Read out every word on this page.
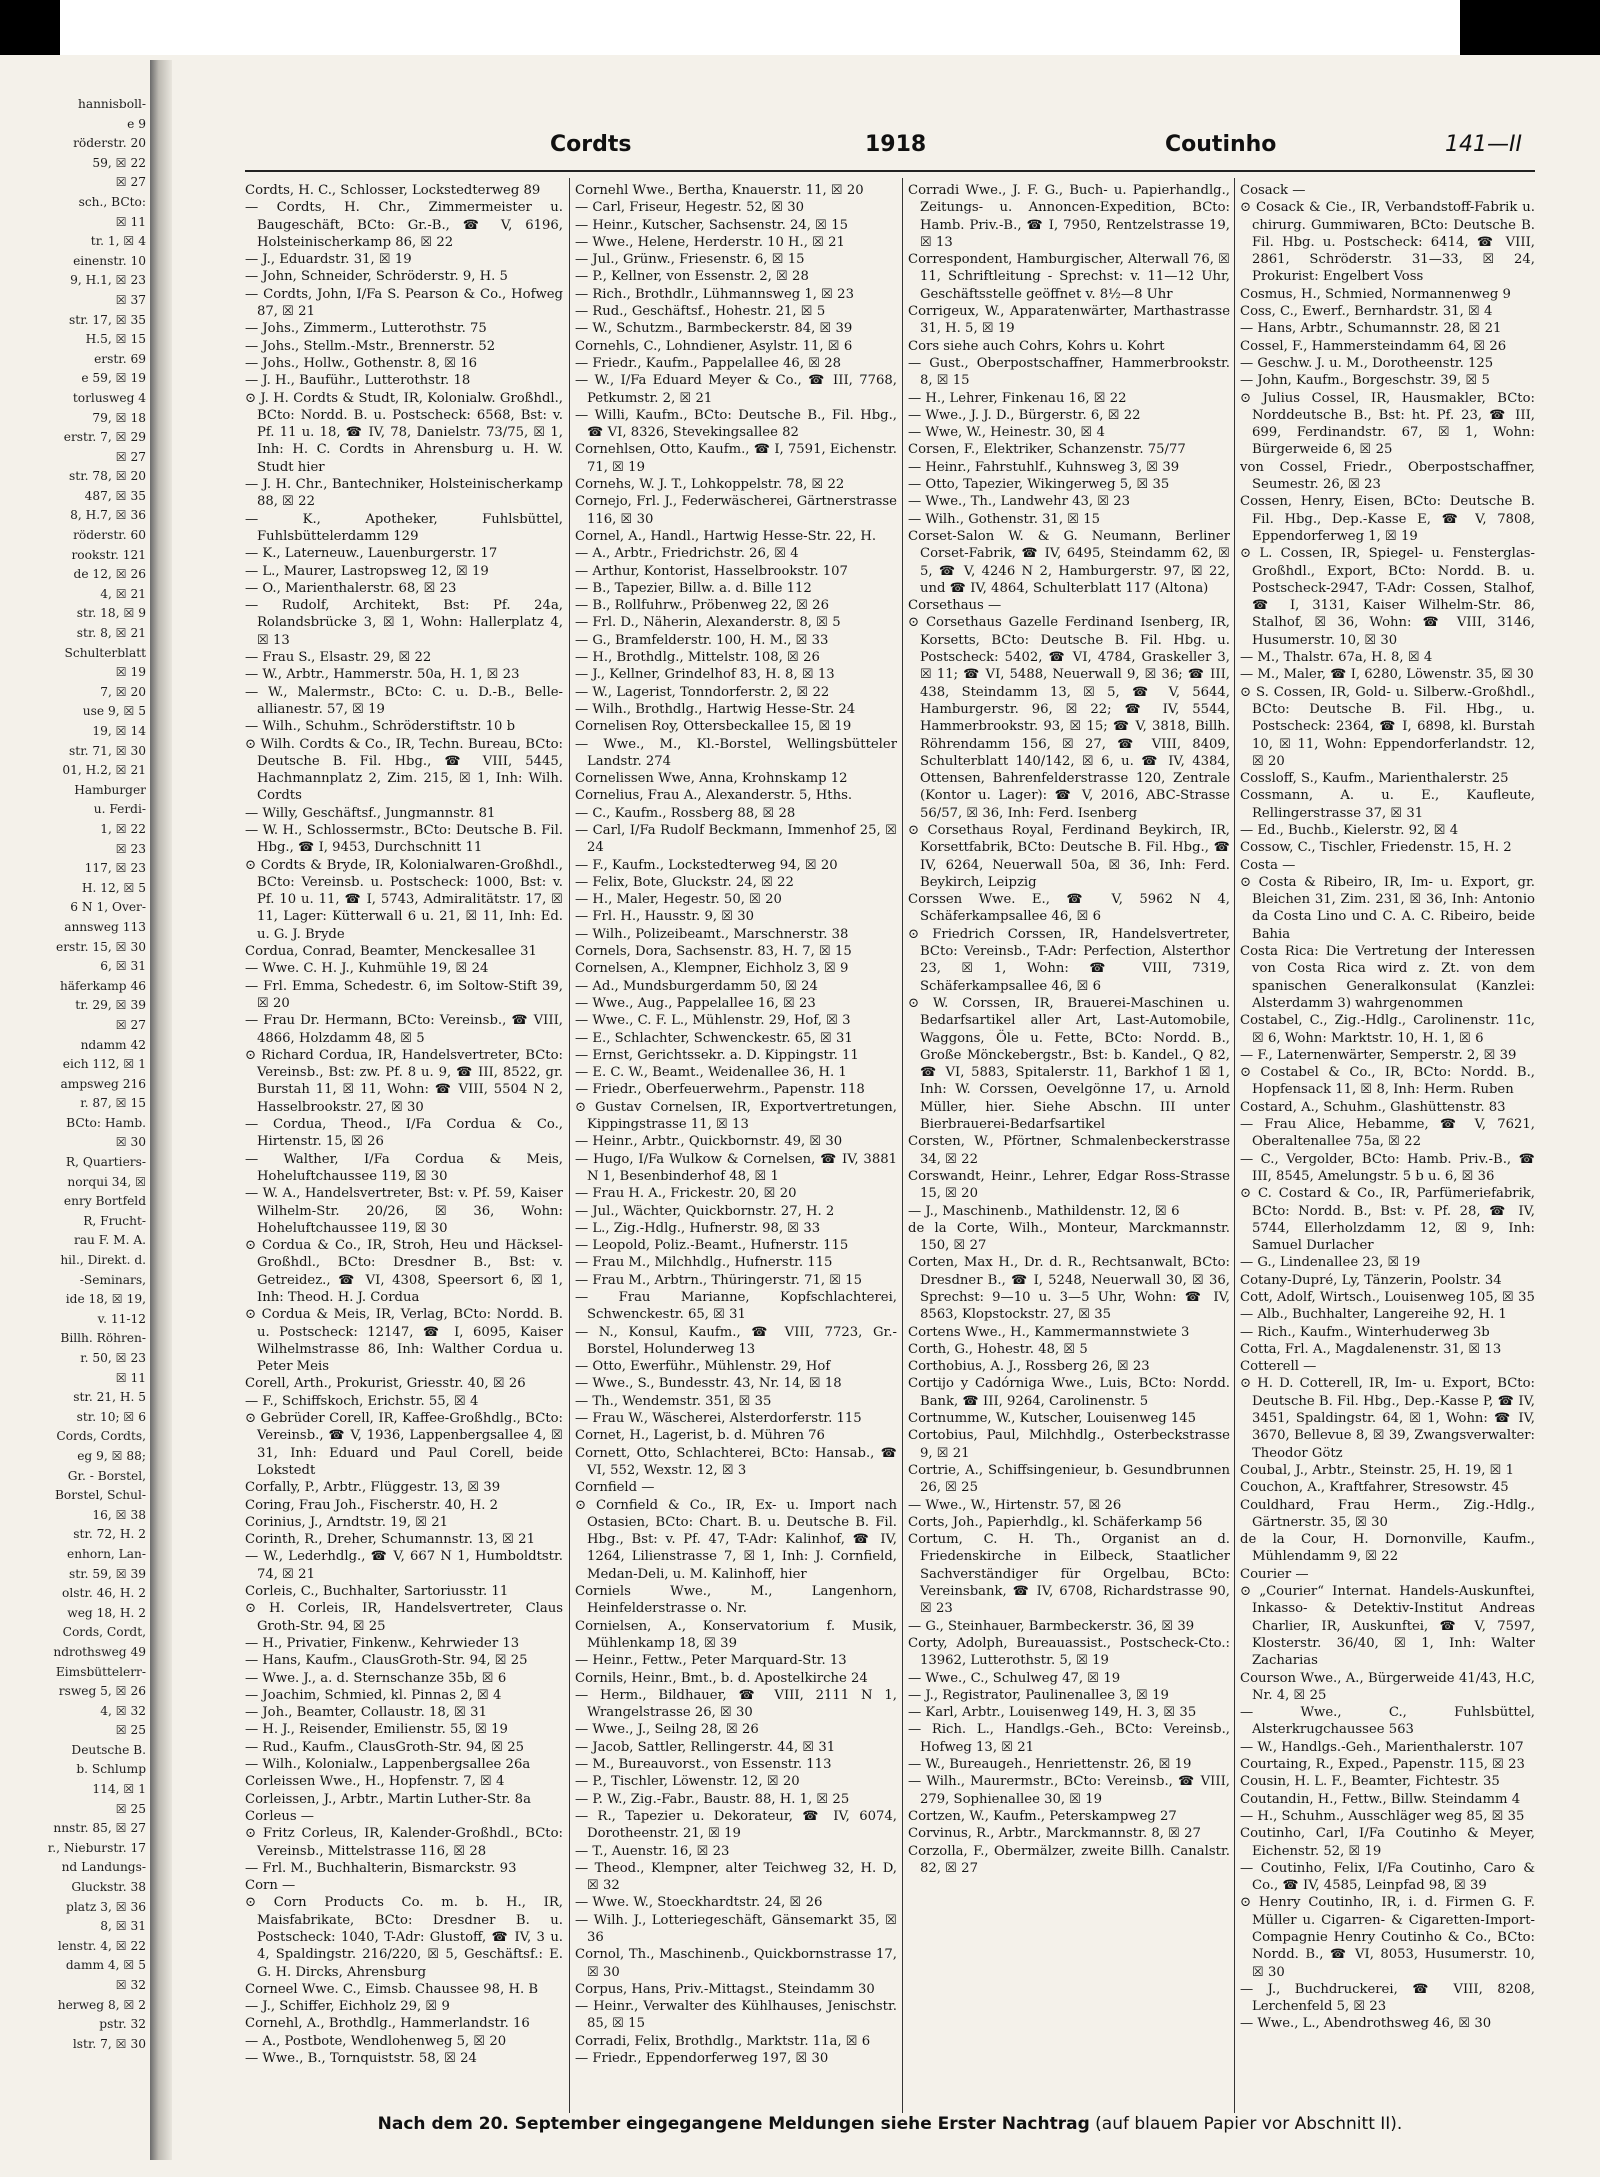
hannisboll-
e 9
röderstr. 20
59, ☒ 22
☒ 27
sch., BCto:
☒ 11
tr. 1, ☒ 4
einenstr. 10
9, H.1, ☒ 23
☒ 37
str. 17, ☒ 35
H.5, ☒ 15
erstr. 69
e 59, ☒ 19
torlusweg 4
79, ☒ 18
erstr. 7, ☒ 29
☒ 27
str. 78, ☒ 20
487, ☒ 35
8, H.7, ☒ 36
röderstr. 60
rookstr. 121
de 12, ☒ 26
4, ☒ 21
str. 18, ☒ 9
str. 8, ☒ 21
Schulterblatt
☒ 19
7, ☒ 20
use 9, ☒ 5
19, ☒ 14
str. 71, ☒ 30
01, H.2, ☒ 21
Hamburger
u. Ferdi-
1, ☒ 22
☒ 23
117, ☒ 23
H. 12, ☒ 5
6 N 1, Over-
annsweg 113
erstr. 15, ☒ 30
6, ☒ 31
häferkamp 46
tr. 29, ☒ 39
☒ 27
ndamm 42
eich 112, ☒ 1
ampsweg 216
r. 87, ☒ 15
BCto: Hamb.
☒ 30
R, Quartiers-
norqui 34, ☒
enry Bortfeld
R, Frucht-
rau F. M. A.
hil., Direkt. d.
-Seminars,
ide 18, ☒ 19,
v. 11-12
Billh. Röhren-
r. 50, ☒ 23
☒ 11
str. 21, H. 5
str. 10; ☒ 6
Cords, Cordts,
eg 9, ☒ 88;
Gr. - Borstel,
Borstel, Schul-
16, ☒ 38
str. 72, H. 2
enhorn, Lan-
str. 59, ☒ 39
olstr. 46, H. 2
weg 18, H. 2
Cords, Cordt,
ndrothsweg 49
Eimsbüttelerr-
rsweg 5, ☒ 26
4, ☒ 32
☒ 25
Deutsche B.
b. Schlump
114, ☒ 1
☒ 25
nnstr. 85, ☒ 27
r., Nieburstr. 17
nd Landungs-
Gluckstr. 38
platz 3, ☒ 36
8, ☒ 31
lenstr. 4, ☒ 22
damm 4, ☒ 5
☒ 32
herweg 8, ☒ 2
pstr. 32
lstr. 7, ☒ 30
Cordts	1918	Coutinho	141—II

Cordts, H. C., Schlosser, Lockstedterweg 89

— Cordts, H. Chr., Zimmermeister u. Baugeschäft, BCto: Gr.-B., ☎ V, 6196, Holsteinischerkamp 86, ☒ 22

— J., Eduardstr. 31, ☒ 19

— John, Schneider, Schröderstr. 9, H. 5

— Cordts, John, I/Fa S. Pearson & Co., Hofweg 87, ☒ 21

— Johs., Zimmerm., Lutterothstr. 75

— Johs., Stellm.-Mstr., Brennerstr. 52

— Johs., Hollw., Gothenstr. 8, ☒ 16

— J. H., Bauführ., Lutterothstr. 18

⊙ J. H. Cordts & Studt, IR, Kolonialw. Großhdl., BCto: Nordd. B. u. Postscheck: 6568, Bst: v. Pf. 11 u. 18, ☎ IV, 78, Danielstr. 73/75, ☒ 1, Inh: H. C. Cordts in Ahrensburg u. H. W. Studt hier

— J. H. Chr., Bantechniker, Holsteinischerkamp 88, ☒ 22

— K., Apotheker, Fuhlsbüttel, Fuhlsbüttelerdamm 129

— K., Laterneuw., Lauenburgerstr. 17

— L., Maurer, Lastropsweg 12, ☒ 19

— O., Marienthalerstr. 68, ☒ 23

— Rudolf, Architekt, Bst: Pf. 24a, Rolandsbrücke 3, ☒ 1, Wohn: Hallerplatz 4, ☒ 13

— Frau S., Elsastr. 29, ☒ 22

— W., Arbtr., Hammerstr. 50a, H. 1, ☒ 23

— W., Malermstr., BCto: C. u. D.-B., Belle-allianestr. 57, ☒ 19

— Wilh., Schuhm., Schröderstiftstr. 10 b

⊙ Wilh. Cordts & Co., IR, Techn. Bureau, BCto: Deutsche B. Fil. Hbg., ☎ VIII, 5445, Hachmannplatz 2, Zim. 215, ☒ 1, Inh: Wilh. Cordts

— Willy, Geschäftsf., Jungmannstr. 81

— W. H., Schlossermstr., BCto: Deutsche B. Fil. Hbg., ☎ I, 9453, Durchschnitt 11

⊙ Cordts & Bryde, IR, Kolonialwaren-Großhdl., BCto: Vereinsb. u. Postscheck: 1000, Bst: v. Pf. 10 u. 11, ☎ I, 5743, Admiralitätstr. 17, ☒ 11, Lager: Kütterwall 6 u. 21, ☒ 11, Inh: Ed. u. G. J. Bryde

Cordua, Conrad, Beamter, Menckesallee 31

— Wwe. C. H. J., Kuhmühle 19, ☒ 24

— Frl. Emma, Schedestr. 6, im Soltow-Stift 39, ☒ 20

— Frau Dr. Hermann, BCto: Vereinsb., ☎ VIII, 4866, Holzdamm 48, ☒ 5

⊙ Richard Cordua, IR, Handelsvertreter, BCto: Vereinsb., Bst: zw. Pf. 8 u. 9, ☎ III, 8522, gr. Burstah 11, ☒ 11, Wohn: ☎ VIII, 5504 N 2, Hasselbrookstr. 27, ☒ 30

— Cordua, Theod., I/Fa Cordua & Co., Hirtenstr. 15, ☒ 26

— Walther, I/Fa Cordua & Meis, Hoheluftchaussee 119, ☒ 30

— W. A., Handelsvertreter, Bst: v. Pf. 59, Kaiser Wilhelm-Str. 20/26, ☒ 36, Wohn: Hoheluftchaussee 119, ☒ 30

⊙ Cordua & Co., IR, Stroh, Heu und Häcksel-Großhdl., BCto: Dresdner B., Bst: v. Getreidez., ☎ VI, 4308, Speersort 6, ☒ 1, Inh: Theod. H. J. Cordua

⊙ Cordua & Meis, IR, Verlag, BCto: Nordd. B. u. Postscheck: 12147, ☎ I, 6095, Kaiser Wilhelmstrasse 86, Inh: Walther Cordua u. Peter Meis

Corell, Arth., Prokurist, Griesstr. 40, ☒ 26

— F., Schiffskoch, Erichstr. 55, ☒ 4

⊙ Gebrüder Corell, IR, Kaffee-Großhdlg., BCto: Vereinsb., ☎ V, 1936, Lappenbergsallee 4, ☒ 31, Inh: Eduard und Paul Corell, beide Lokstedt

Corfally, P., Arbtr., Flüggestr. 13, ☒ 39

Coring, Frau Joh., Fischerstr. 40, H. 2

Corinius, J., Arndtstr. 19, ☒ 21

Corinth, R., Dreher, Schumannstr. 13, ☒ 21

— W., Lederhdlg., ☎ V, 667 N 1, Humboldtstr. 74, ☒ 21

Corleis, C., Buchhalter, Sartoriusstr. 11

⊙ H. Corleis, IR, Handelsvertreter, Claus Groth-Str. 94, ☒ 25

— H., Privatier, Finkenw., Kehrwieder 13

— Hans, Kaufm., ClausGroth-Str. 94, ☒ 25

— Wwe. J., a. d. Sternschanze 35b, ☒ 6

— Joachim, Schmied, kl. Pinnas 2, ☒ 4

— Joh., Beamter, Collaustr. 18, ☒ 31

— H. J., Reisender, Emilienstr. 55, ☒ 19

— Rud., Kaufm., ClausGroth-Str. 94, ☒ 25

— Wilh., Kolonialw., Lappenbergsallee 26a

Corleissen Wwe., H., Hopfenstr. 7, ☒ 4

Corleissen, J., Arbtr., Martin Luther-Str. 8a

Corleus —

⊙ Fritz Corleus, IR, Kalender-Großhdl., BCto: Vereinsb., Mittelstrasse 116, ☒ 28

— Frl. M., Buchhalterin, Bismarckstr. 93

Corn —

⊙ Corn Products Co. m. b. H., IR, Maisfabrikate, BCto: Dresdner B. u. Postscheck: 1040, T-Adr: Glustoff, ☎ IV, 3 u. 4, Spaldingstr. 216/220, ☒ 5, Geschäftsf.: E. G. H. Dircks, Ahrensburg

Corneel Wwe. C., Eimsb. Chaussee 98, H. B

— J., Schiffer, Eichholz 29, ☒ 9

Cornehl, A., Brothdlg., Hammerlandstr. 16

— A., Postbote, Wendlohenweg 5, ☒ 20

— Wwe., B., Tornquiststr. 58, ☒ 24

Cornehl Wwe., Bertha, Knauerstr. 11, ☒ 20

— Carl, Friseur, Hegestr. 52, ☒ 30

— Heinr., Kutscher, Sachsenstr. 24, ☒ 15

— Wwe., Helene, Herderstr. 10 H., ☒ 21

— Jul., Grünw., Friesenstr. 6, ☒ 15

— P., Kellner, von Essenstr. 2, ☒ 28

— Rich., Brothdlr., Lühmannsweg 1, ☒ 23

— Rud., Geschäftsf., Hohestr. 21, ☒ 5

— W., Schutzm., Barmbeckerstr. 84, ☒ 39

Cornehls, C., Lohndiener, Asylstr. 11, ☒ 6

— Friedr., Kaufm., Pappelallee 46, ☒ 28

— W., I/Fa Eduard Meyer & Co., ☎ III, 7768, Petkumstr. 2, ☒ 21

— Willi, Kaufm., BCto: Deutsche B., Fil. Hbg., ☎ VI, 8326, Stevekingsallee 82

Cornehlsen, Otto, Kaufm., ☎ I, 7591, Eichenstr. 71, ☒ 19

Cornehs, W. J. T., Lohkoppelstr. 78, ☒ 22

Cornejo, Frl. J., Federwäscherei, Gärtnerstrasse 116, ☒ 30

Cornel, A., Handl., Hartwig Hesse-Str. 22, H.

— A., Arbtr., Friedrichstr. 26, ☒ 4

— Arthur, Kontorist, Hasselbrookstr. 107

— B., Tapezier, Billw. a. d. Bille 112

— B., Rollfuhrw., Pröbenweg 22, ☒ 26

— Frl. D., Näherin, Alexanderstr. 8, ☒ 5

— G., Bramfelderstr. 100, H. M., ☒ 33

— H., Brothdlg., Mittelstr. 108, ☒ 26

— J., Kellner, Grindelhof 83, H. 8, ☒ 13

— W., Lagerist, Tonndorferstr. 2, ☒ 22

— Wilh., Brothdlg., Hartwig Hesse-Str. 24

Cornelisen Roy, Ottersbeckallee 15, ☒ 19

— Wwe., M., Kl.-Borstel, Wellingsbütteler Landstr. 274

Cornelissen Wwe, Anna, Krohnskamp 12

Cornelius, Frau A., Alexanderstr. 5, Hths.

— C., Kaufm., Rossberg 88, ☒ 28

— Carl, I/Fa Rudolf Beckmann, Immenhof 25, ☒ 24

— F., Kaufm., Lockstedterweg 94, ☒ 20

— Felix, Bote, Gluckstr. 24, ☒ 22

— H., Maler, Hegestr. 50, ☒ 20

— Frl. H., Hausstr. 9, ☒ 30

— Wilh., Polizeibeamt., Marschnerstr. 38

Cornels, Dora, Sachsenstr. 83, H. 7, ☒ 15

Cornelsen, A., Klempner, Eichholz 3, ☒ 9

— Ad., Mundsburgerdamm 50, ☒ 24

— Wwe., Aug., Pappelallee 16, ☒ 23

— Wwe., C. F. L., Mühlenstr. 29, Hof, ☒ 3

— E., Schlachter, Schwenckestr. 65, ☒ 31

— Ernst, Gerichtssekr. a. D. Kippingstr. 11

— E. C. W., Beamt., Weidenallee 36, H. 1

— Friedr., Oberfeuerwehrm., Papenstr. 118

⊙ Gustav Cornelsen, IR, Exportvertretungen, Kippingstrasse 11, ☒ 13

— Heinr., Arbtr., Quickbornstr. 49, ☒ 30

— Hugo, I/Fa Wulkow & Cornelsen, ☎ IV, 3881 N 1, Besenbinderhof 48, ☒ 1

— Frau H. A., Frickestr. 20, ☒ 20

— Jul., Wächter, Quickbornstr. 27, H. 2

— L., Zig.-Hdlg., Hufnerstr. 98, ☒ 33

— Leopold, Poliz.-Beamt., Hufnerstr. 115

— Frau M., Milchhdlg., Hufnerstr. 115

— Frau M., Arbtrn., Thüringerstr. 71, ☒ 15

— Frau Marianne, Kopfschlachterei, Schwenckestr. 65, ☒ 31

— N., Konsul, Kaufm., ☎ VIII, 7723, Gr.-Borstel, Holunderweg 13

— Otto, Ewerführ., Mühlenstr. 29, Hof

— Wwe., S., Bundesstr. 43, Nr. 14, ☒ 18

— Th., Wendemstr. 351, ☒ 35

— Frau W., Wäscherei, Alsterdorferstr. 115

Cornet, H., Lagerist, b. d. Mühren 76

Cornett, Otto, Schlachterei, BCto: Hansab., ☎ VI, 552, Wexstr. 12, ☒ 3

Cornfield —

⊙ Cornfield & Co., IR, Ex- u. Import nach Ostasien, BCto: Chart. B. u. Deutsche B. Fil. Hbg., Bst: v. Pf. 47, T-Adr: Kalinhof, ☎ IV, 1264, Lilienstrasse 7, ☒ 1, Inh: J. Cornfield, Medan-Deli, u. M. Kalinhoff, hier

Corniels Wwe., M., Langenhorn, Heinfelderstrasse o. Nr.

Cornielsen, A., Konservatorium f. Musik, Mühlenkamp 18, ☒ 39

— Heinr., Fettw., Peter Marquard-Str. 13

Cornils, Heinr., Bmt., b. d. Apostelkirche 24

— Herm., Bildhauer, ☎ VIII, 2111 N 1, Wrangelstrasse 26, ☒ 30

— Wwe., J., Seilng 28, ☒ 26

— Jacob, Sattler, Rellingerstr. 44, ☒ 31

— M., Bureauvorst., von Essenstr. 113

— P., Tischler, Löwenstr. 12, ☒ 20

— P. W., Zig.-Fabr., Baustr. 88, H. 1, ☒ 25

— R., Tapezier u. Dekorateur, ☎ IV, 6074, Dorotheenstr. 21, ☒ 19

— T., Auenstr. 16, ☒ 23

— Theod., Klempner, alter Teichweg 32, H. D, ☒ 32

— Wwe. W., Stoeckhardtstr. 24, ☒ 26

— Wilh. J., Lotteriegeschäft, Gänsemarkt 35, ☒ 36

Cornol, Th., Maschinenb., Quickbornstrasse 17, ☒ 30

Corpus, Hans, Priv.-Mittagst., Steindamm 30

— Heinr., Verwalter des Kühlhauses, Jenischstr. 85, ☒ 15

Corradi, Felix, Brothdlg., Marktstr. 11a, ☒ 6

— Friedr., Eppendorferweg 197, ☒ 30

Corradi Wwe., J. F. G., Buch- u. Papierhandlg., Zeitungs- u. Annoncen-Expedition, BCto: Hamb. Priv.-B., ☎ I, 7950, Rentzelstrasse 19, ☒ 13

Correspondent, Hamburgischer, Alterwall 76, ☒ 11, Schriftleitung - Sprechst: v. 11—12 Uhr, Geschäftsstelle geöffnet v. 8½—8 Uhr

Corrigeux, W., Apparatenwärter, Marthastrasse 31, H. 5, ☒ 19

Cors siehe auch Cohrs, Kohrs u. Kohrt

— Gust., Oberpostschaffner, Hammerbrookstr. 8, ☒ 15

— H., Lehrer, Finkenau 16, ☒ 22

— Wwe., J. J. D., Bürgerstr. 6, ☒ 22

— Wwe, W., Heinestr. 30, ☒ 4

Corsen, F., Elektriker, Schanzenstr. 75/77

— Heinr., Fahrstuhlf., Kuhnsweg 3, ☒ 39

— Otto, Tapezier, Wikingerweg 5, ☒ 35

— Wwe., Th., Landwehr 43, ☒ 23

— Wilh., Gothenstr. 31, ☒ 15

Corset-Salon W. & G. Neumann, Berliner Corset-Fabrik, ☎ IV, 6495, Steindamm 62, ☒ 5, ☎ V, 4246 N 2, Hamburgerstr. 97, ☒ 22, und ☎ IV, 4864, Schulterblatt 117 (Altona)

Corsethaus —

⊙ Corsethaus Gazelle Ferdinand Isenberg, IR, Korsetts, BCto: Deutsche B. Fil. Hbg. u. Postscheck: 5402, ☎ VI, 4784, Graskeller 3, ☒ 11; ☎ VI, 5488, Neuerwall 9, ☒ 36; ☎ III, 438, Steindamm 13, ☒ 5, ☎ V, 5644, Hamburgerstr. 96, ☒ 22; ☎ IV, 5544, Hammerbrookstr. 93, ☒ 15; ☎ V, 3818, Billh. Röhrendamm 156, ☒ 27, ☎ VIII, 8409, Schulterblatt 140/142, ☒ 6, u. ☎ IV, 4384, Ottensen, Bahrenfelderstrasse 120, Zentrale (Kontor u. Lager): ☎ V, 2016, ABC-Strasse 56/57, ☒ 36, Inh: Ferd. Isenberg

⊙ Corsethaus Royal, Ferdinand Beykirch, IR, Korsettfabrik, BCto: Deutsche B. Fil. Hbg., ☎ IV, 6264, Neuerwall 50a, ☒ 36, Inh: Ferd. Beykirch, Leipzig

Corssen Wwe. E., ☎ V, 5962 N 4, Schäferkampsallee 46, ☒ 6

⊙ Friedrich Corssen, IR, Handelsvertreter, BCto: Vereinsb., T-Adr: Perfection, Alsterthor 23, ☒ 1, Wohn: ☎ VIII, 7319, Schäferkampsallee 46, ☒ 6

⊙ W. Corssen, IR, Brauerei-Maschinen u. Bedarfsartikel aller Art, Last-Automobile, Waggons, Öle u. Fette, BCto: Nordd. B., Große Mönckebergstr., Bst: b. Kandel., Q 82, ☎ VI, 5883, Spitalerstr. 11, Barkhof 1 ☒ 1, Inh: W. Corssen, Oevelgönne 17, u. Arnold Müller, hier. Siehe Abschn. III unter Bierbrauerei-Bedarfsartikel

Corsten, W., Pförtner, Schmalenbeckerstrasse 34, ☒ 22

Corswandt, Heinr., Lehrer, Edgar Ross-Strasse 15, ☒ 20

— J., Maschinenb., Mathildenstr. 12, ☒ 6

de la Corte, Wilh., Monteur, Marckmannstr. 150, ☒ 27

Corten, Max H., Dr. d. R., Rechtsanwalt, BCto: Dresdner B., ☎ I, 5248, Neuerwall 30, ☒ 36, Sprechst: 9—10 u. 3—5 Uhr, Wohn: ☎ IV, 8563, Klopstockstr. 27, ☒ 35

Cortens Wwe., H., Kammermannstwiete 3

Corth, G., Hohestr. 48, ☒ 5

Corthobius, A. J., Rossberg 26, ☒ 23

Cortijo y Cadórniga Wwe., Luis, BCto: Nordd. Bank, ☎ III, 9264, Carolinenstr. 5

Cortnumme, W., Kutscher, Louisenweg 145

Cortobius, Paul, Milchhdlg., Osterbeckstrasse 9, ☒ 21

Cortrie, A., Schiffsingenieur, b. Gesundbrunnen 26, ☒ 25

— Wwe., W., Hirtenstr. 57, ☒ 26

Corts, Joh., Papierhdlg., kl. Schäferkamp 56

Cortum, C. H. Th., Organist an d. Friedenskirche in Eilbeck, Staatlicher Sachverständiger für Orgelbau, BCto: Vereinsbank, ☎ IV, 6708, Richardstrasse 90, ☒ 23

— G., Steinhauer, Barmbeckerstr. 36, ☒ 39

Corty, Adolph, Bureauassist., Postscheck-Cto.: 13962, Lutterothstr. 5, ☒ 19

— Wwe., C., Schulweg 47, ☒ 19

— J., Registrator, Paulinenallee 3, ☒ 19

— Karl, Arbtr., Louisenweg 149, H. 3, ☒ 35

— Rich. L., Handlgs.-Geh., BCto: Vereinsb., Hofweg 13, ☒ 21

— W., Bureaugeh., Henriettenstr. 26, ☒ 19

— Wilh., Maurermstr., BCto: Vereinsb., ☎ VIII, 279, Sophienallee 30, ☒ 19

Cortzen, W., Kaufm., Peterskampweg 27

Corvinus, R., Arbtr., Marckmannstr. 8, ☒ 27

Corzolla, F., Obermälzer, zweite Billh. Canalstr. 82, ☒ 27

Cosack —

⊙ Cosack & Cie., IR, Verbandstoff-Fabrik u. chirurg. Gummiwaren, BCto: Deutsche B. Fil. Hbg. u. Postscheck: 6414, ☎ VIII, 2861, Schröderstr. 31—33, ☒ 24, Prokurist: Engelbert Voss

Cosmus, H., Schmied, Normannenweg 9

Coss, C., Ewerf., Bernhardstr. 31, ☒ 4

— Hans, Arbtr., Schumannstr. 28, ☒ 21

Cossel, F., Hammersteindamm 64, ☒ 26

— Geschw. J. u. M., Dorotheenstr. 125

— John, Kaufm., Borgeschstr. 39, ☒ 5

⊙ Julius Cossel, IR, Hausmakler, BCto: Norddeutsche B., Bst: ht. Pf. 23, ☎ III, 699, Ferdinandstr. 67, ☒ 1, Wohn: Bürgerweide 6, ☒ 25

von Cossel, Friedr., Oberpostschaffner, Seumestr. 26, ☒ 23

Cossen, Henry, Eisen, BCto: Deutsche B. Fil. Hbg., Dep.-Kasse E, ☎ V, 7808, Eppendorferweg 1, ☒ 19

⊙ L. Cossen, IR, Spiegel- u. Fensterglas-Großhdl., Export, BCto: Nordd. B. u. Postscheck-2947, T-Adr: Cossen, Stalhof, ☎ I, 3131, Kaiser Wilhelm-Str. 86, Stalhof, ☒ 36, Wohn: ☎ VIII, 3146, Husumerstr. 10, ☒ 30

— M., Thalstr. 67a, H. 8, ☒ 4

— M., Maler, ☎ I, 6280, Löwenstr. 35, ☒ 30

⊙ S. Cossen, IR, Gold- u. Silberw.-Großhdl., BCto: Deutsche B. Fil. Hbg., u. Postscheck: 2364, ☎ I, 6898, kl. Burstah 10, ☒ 11, Wohn: Eppendorferlandstr. 12, ☒ 20

Cossloff, S., Kaufm., Marienthalerstr. 25

Cossmann, A. u. E., Kaufleute, Rellingerstrasse 37, ☒ 31

— Ed., Buchb., Kielerstr. 92, ☒ 4

Cossow, C., Tischler, Friedenstr. 15, H. 2

Costa —

⊙ Costa & Ribeiro, IR, Im- u. Export, gr. Bleichen 31, Zim. 231, ☒ 36, Inh: Antonio da Costa Lino und C. A. C. Ribeiro, beide Bahia

Costa Rica: Die Vertretung der Interessen von Costa Rica wird z. Zt. von dem spanischen Generalkonsulat (Kanzlei: Alsterdamm 3) wahrgenommen

Costabel, C., Zig.-Hdlg., Carolinenstr. 11c, ☒ 6, Wohn: Marktstr. 10, H. 1, ☒ 6

— F., Laternenwärter, Semperstr. 2, ☒ 39

⊙ Costabel & Co., IR, BCto: Nordd. B., Hopfensack 11, ☒ 8, Inh: Herm. Ruben

Costard, A., Schuhm., Glashüttenstr. 83

— Frau Alice, Hebamme, ☎ V, 7621, Oberaltenallee 75a, ☒ 22

— C., Vergolder, BCto: Hamb. Priv.-B., ☎ III, 8545, Amelungstr. 5 b u. 6, ☒ 36

⊙ C. Costard & Co., IR, Parfümeriefabrik, BCto: Nordd. B., Bst: v. Pf. 28, ☎ IV, 5744, Ellerholzdamm 12, ☒ 9, Inh: Samuel Durlacher

— G., Lindenallee 23, ☒ 19

Cotany-Dupré, Ly, Tänzerin, Poolstr. 34

Cott, Adolf, Wirtsch., Louisenweg 105, ☒ 35

— Alb., Buchhalter, Langereihe 92, H. 1

— Rich., Kaufm., Winterhuderweg 3b

Cotta, Frl. A., Magdalenenstr. 31, ☒ 13

Cotterell —

⊙ H. D. Cotterell, IR, Im- u. Export, BCto: Deutsche B. Fil. Hbg., Dep.-Kasse P, ☎ IV, 3451, Spaldingstr. 64, ☒ 1, Wohn: ☎ IV, 3670, Bellevue 8, ☒ 39, Zwangsverwalter: Theodor Götz

Coubal, J., Arbtr., Steinstr. 25, H. 19, ☒ 1

Couchon, A., Kraftfahrer, Stresowstr. 45

Couldhard, Frau Herm., Zig.-Hdlg., Gärtnerstr. 35, ☒ 30

de la Cour, H. Dornonville, Kaufm., Mühlendamm 9, ☒ 22

Courier —

⊙ „Courier“ Internat. Handels-Auskunftei, Inkasso- & Detektiv-Institut Andreas Charlier, IR, Auskunftei, ☎ V, 7597, Klosterstr. 36/40, ☒ 1, Inh: Walter Zacharias

Courson Wwe., A., Bürgerweide 41/43, H.C, Nr. 4, ☒ 25

— Wwe., C., Fuhlsbüttel, Alsterkrugchaussee 563

— W., Handlgs.-Geh., Marienthalerstr. 107

Courtaing, R., Exped., Papenstr. 115, ☒ 23

Cousin, H. L. F., Beamter, Fichtestr. 35

Coutandin, H., Fettw., Billw. Steindamm 4

— H., Schuhm., Ausschläger weg 85, ☒ 35

Coutinho, Carl, I/Fa Coutinho & Meyer, Eichenstr. 52, ☒ 19

— Coutinho, Felix, I/Fa Coutinho, Caro & Co., ☎ IV, 4585, Leinpfad 98, ☒ 39

⊙ Henry Coutinho, IR, i. d. Firmen G. F. Müller u. Cigarren- & Cigaretten-Import-Compagnie Henry Coutinho & Co., BCto: Nordd. B., ☎ VI, 8053, Husumerstr. 10, ☒ 30

— J., Buchdruckerei, ☎ VIII, 8208, Lerchenfeld 5, ☒ 23

— Wwe., L., Abendrothsweg 46, ☒ 30

Nach dem 20. September eingegangene Meldungen siehe Erster Nachtrag (auf blauem Papier vor Abschnitt II).
